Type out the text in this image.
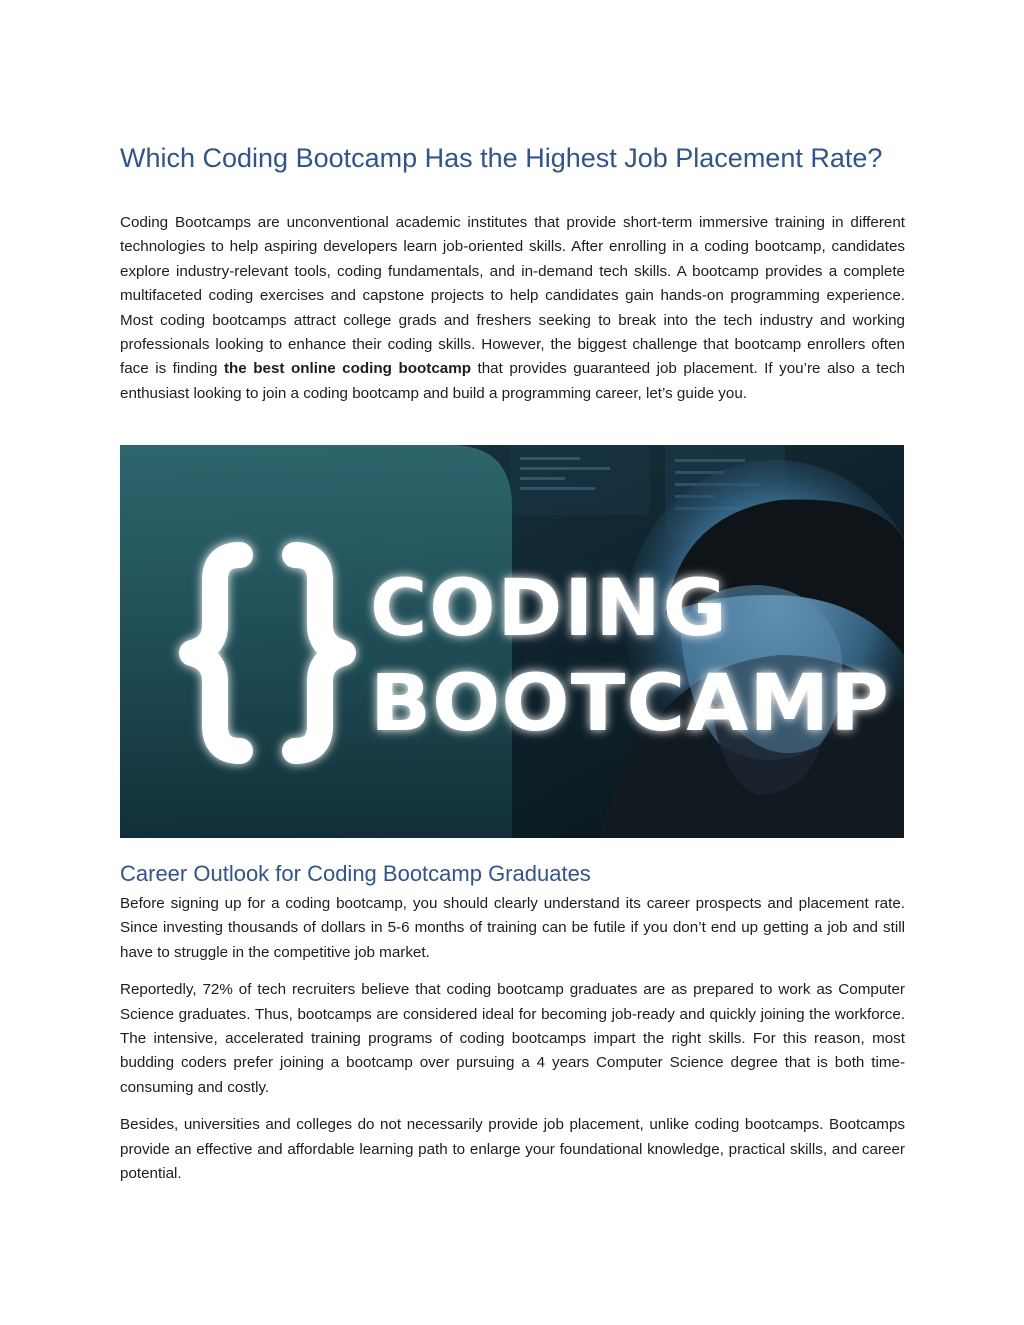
Which Coding Bootcamp Has the Highest Job Placement Rate?

Coding Bootcamps are unconventional academic institutes that provide short-term immersive training in different technologies to help aspiring developers learn job-oriented skills. After enrolling in a coding bootcamp, candidates explore industry-relevant tools, coding fundamentals, and in-demand tech skills. A bootcamp provides a complete multifaceted coding exercises and capstone projects to help candidates gain hands-on programming experience. Most coding bootcamps attract college grads and freshers seeking to break into the tech industry and working professionals looking to enhance their coding skills. However, the biggest challenge that bootcamp enrollers often face is finding the best online coding bootcamp that provides guaranteed job placement. If you’re also a tech enthusiast looking to join a coding bootcamp and build a programming career, let’s guide you.

CODING
BOOTCAMP
Career Outlook for Coding Bootcamp Graduates

Before signing up for a coding bootcamp, you should clearly understand its career prospects and placement rate. Since investing thousands of dollars in 5-6 months of training can be futile if you don’t end up getting a job and still have to struggle in the competitive job market.

Reportedly, 72% of tech recruiters believe that coding bootcamp graduates are as prepared to work as Computer Science graduates. Thus, bootcamps are considered ideal for becoming job-ready and quickly joining the workforce. The intensive, accelerated training programs of coding bootcamps impart the right skills. For this reason, most budding coders prefer joining a bootcamp over pursuing a 4 years Computer Science degree that is both time-consuming and costly.

Besides, universities and colleges do not necessarily provide job placement, unlike coding bootcamps. Bootcamps provide an effective and affordable learning path to enlarge your foundational knowledge, practical skills, and career potential.
